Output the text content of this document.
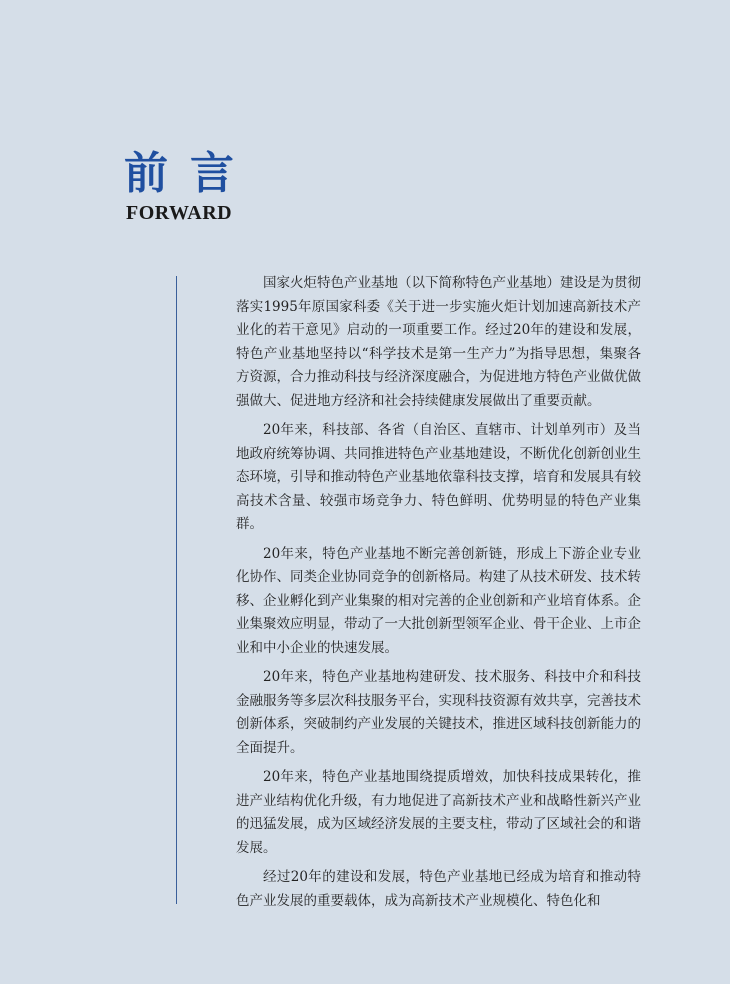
前言
FORWARD

国家火炬特色产业基地（以下简称特色产业基地）建设是为贯彻落实1995年原国家科委《关于进一步实施火炬计划加速高新技术产业化的若干意见》启动的一项重要工作。经过20年的建设和发展，特色产业基地坚持以“科学技术是第一生产力”为指导思想，集聚各方资源，合力推动科技与经济深度融合，为促进地方特色产业做优做强做大、促进地方经济和社会持续健康发展做出了重要贡献。

20年来，科技部、各省（自治区、直辖市、计划单列市）及当地政府统筹协调、共同推进特色产业基地建设，不断优化创新创业生态环境，引导和推动特色产业基地依靠科技支撑，培育和发展具有较高技术含量、较强市场竞争力、特色鲜明、优势明显的特色产业集群。

20年来，特色产业基地不断完善创新链，形成上下游企业专业化协作、同类企业协同竞争的创新格局。构建了从技术研发、技术转移、企业孵化到产业集聚的相对完善的企业创新和产业培育体系。企业集聚效应明显，带动了一大批创新型领军企业、骨干企业、上市企业和中小企业的快速发展。

20年来，特色产业基地构建研发、技术服务、科技中介和科技金融服务等多层次科技服务平台，实现科技资源有效共享，完善技术创新体系，突破制约产业发展的关键技术，推进区域科技创新能力的全面提升。

20年来，特色产业基地围绕提质增效，加快科技成果转化，推进产业结构优化升级，有力地促进了高新技术产业和战略性新兴产业的迅猛发展，成为区域经济发展的主要支柱，带动了区域社会的和谐发展。

经过20年的建设和发展，特色产业基地已经成为培育和推动特色产业发展的重要载体，成为高新技术产业规模化、特色化和
